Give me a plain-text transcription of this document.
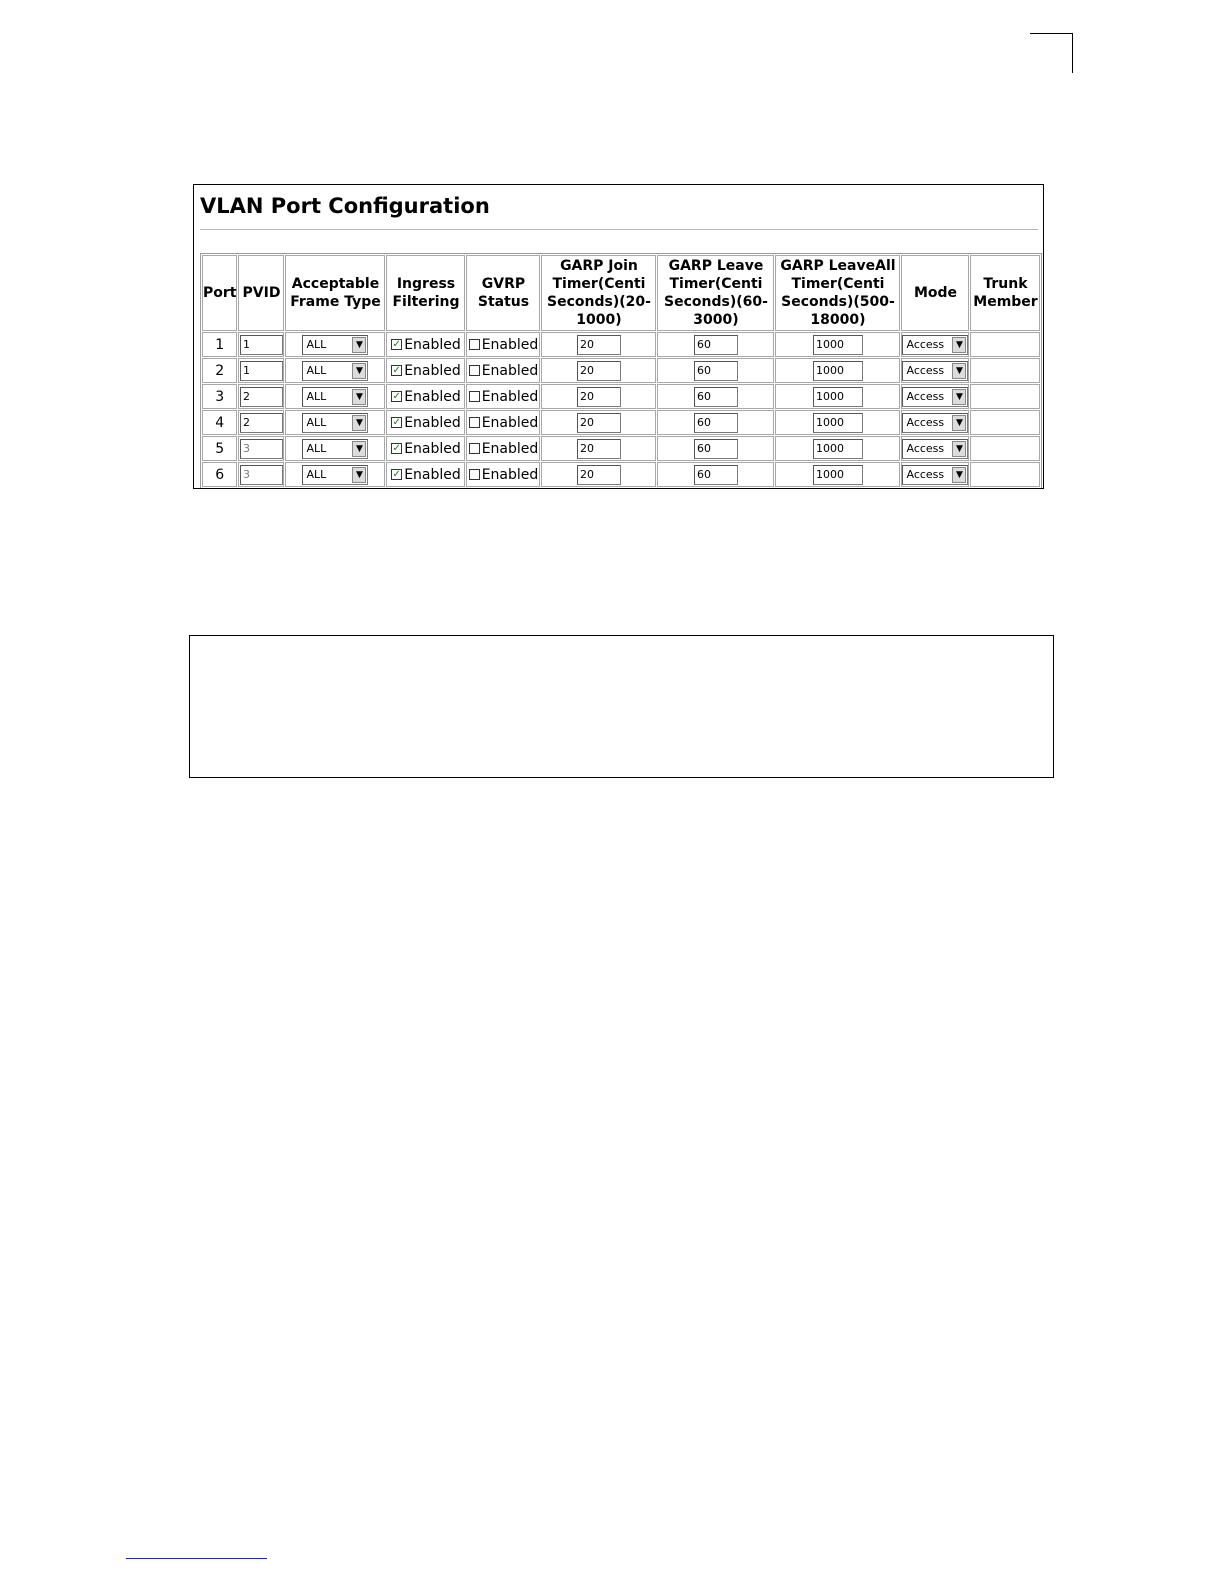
VLAN Port Configuration
Port	PVID	Acceptable Frame Type	Ingress Filtering	GVRP Status	GARP Join Timer(Centi Seconds)(20-1000)	GARP Leave Timer(Centi Seconds)(60-3000)	GARP LeaveAll Timer(Centi Seconds)(500-18000)	Mode	Trunk Member
1	1	ALL ▼	✓ Enabled	Enabled	20	60	1000	Access ▼	

2	1	ALL ▼	✓ Enabled	Enabled	20	60	1000	Access ▼	

3	2	ALL ▼	✓ Enabled	Enabled	20	60	1000	Access ▼	

4	2	ALL ▼	✓ Enabled	Enabled	20	60	1000	Access ▼	

5	3	ALL ▼	✓ Enabled	Enabled	20	60	1000	Access ▼	

6	3	ALL ▼	✓ Enabled	Enabled	20	60	1000	Access ▼	
